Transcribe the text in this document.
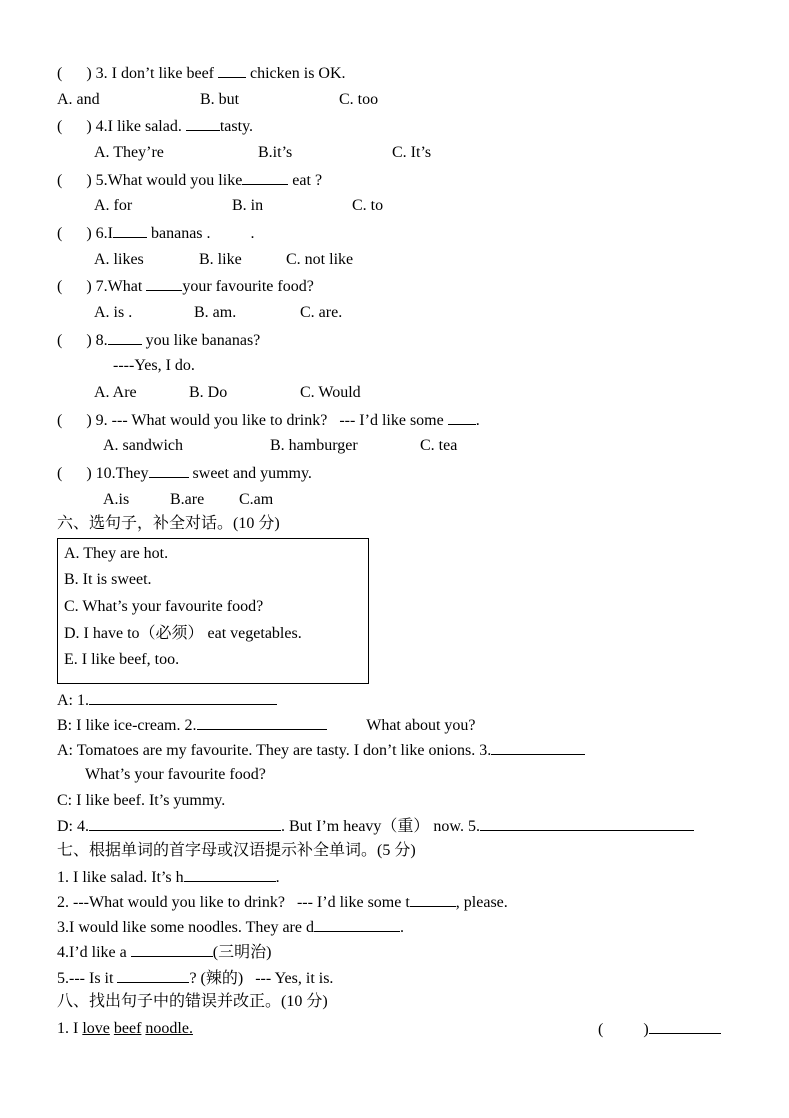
( ) 3. I don’t like beef chicken is OK.
A. and	B. but	C. too
( ) 4.I like salad. tasty.
A. They’re	B.it’s	C. It’s
( ) 5.What would you like	eat ?
A. for	B. in	C. to
( ) 6.I bananas .	.
A. likes	B. like	C. not like
( ) 7.What	your favourite food?
A. is .	B. am.	C. are.
( ) 8. you like bananas?
----Yes, I do.
A. Are	B. Do	C. Would
( ) 9. --- What would you like to drink? --- I’d like some .
A. sandwich	B. hamburger	C. tea
( ) 10.They	sweet and yummy.
A.is	B.are C.am
六、选句子，补全对话。(10 分)
A. They are hot.
B. It is sweet.
C. What’s your favourite food?
D. I have to（必须） eat vegetables.
E. I like beef, too.
A: 1.
B: I like ice-cream. 2.	What about you?
A: Tomatoes are my favourite. They are tasty. I don’t like onions. 3.
What’s your favourite food?
C: I like beef. It’s yummy.
D: 4.	. But I’m heavy（重） now. 5.
七、根据单词的首字母或汉语提示补全单词。(5 分)
1. I like salad. It’s h	.
2. ---What would you like to drink?   --- I’d like some t	, please.
3.I would like some noodles. They are d	.
4.I’d like a	(三明治)
5.--- Is it	? (辣的)   --- Yes, it is.
八、找出句子中的错误并改正。(10 分)
1. I love beef noodle.	(          )
